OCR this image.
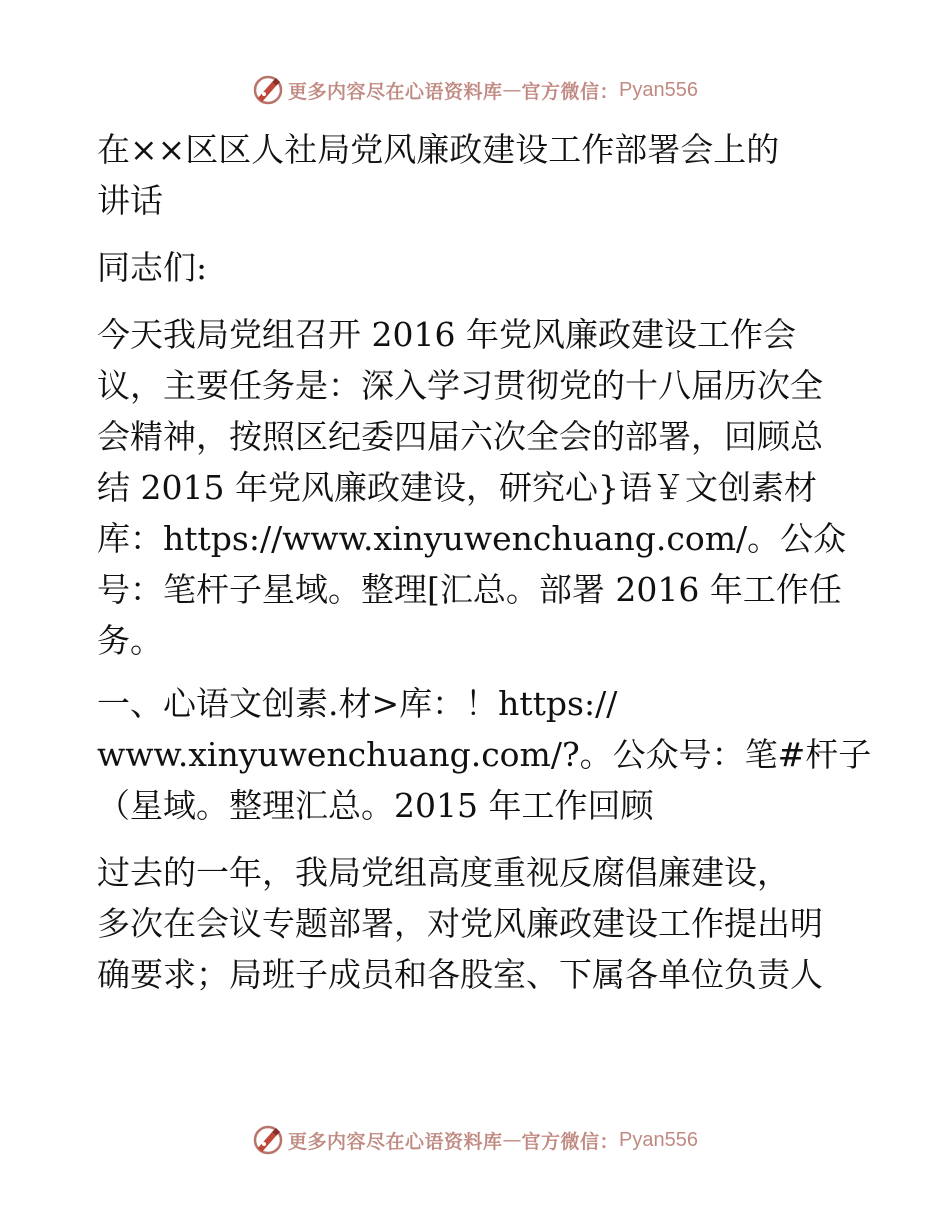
更多内容尽在心语资料库 — 官方微信： Pyan556

在××区区人社局党风廉政建设工作部署会上的

讲话

同志们:

今天我局党组召开 2016 年党风廉政建设工作会

议，主要任务是：深入学习贯彻党的十八届历次全

会精神，按照区纪委四届六次全会的部署，回顾总

结 2015 年党风廉政建设，研究心}语￥文创素材

库：https://www.xinyuwenchuang.com/。公众

号：笔杆子星域。整理[汇总。部署 2016 年工作任

务。

一、心语文创素.材>库：！https://

www.xinyuwenchuang.com/?。公众号：笔#杆子

（星域。整理汇总。2015 年工作回顾

过去的一年，我局党组高度重视反腐倡廉建设，

多次在会议专题部署，对党风廉政建设工作提出明

确要求；局班子成员和各股室、下属各单位负责人

更多内容尽在心语资料库 — 官方微信： Pyan556
